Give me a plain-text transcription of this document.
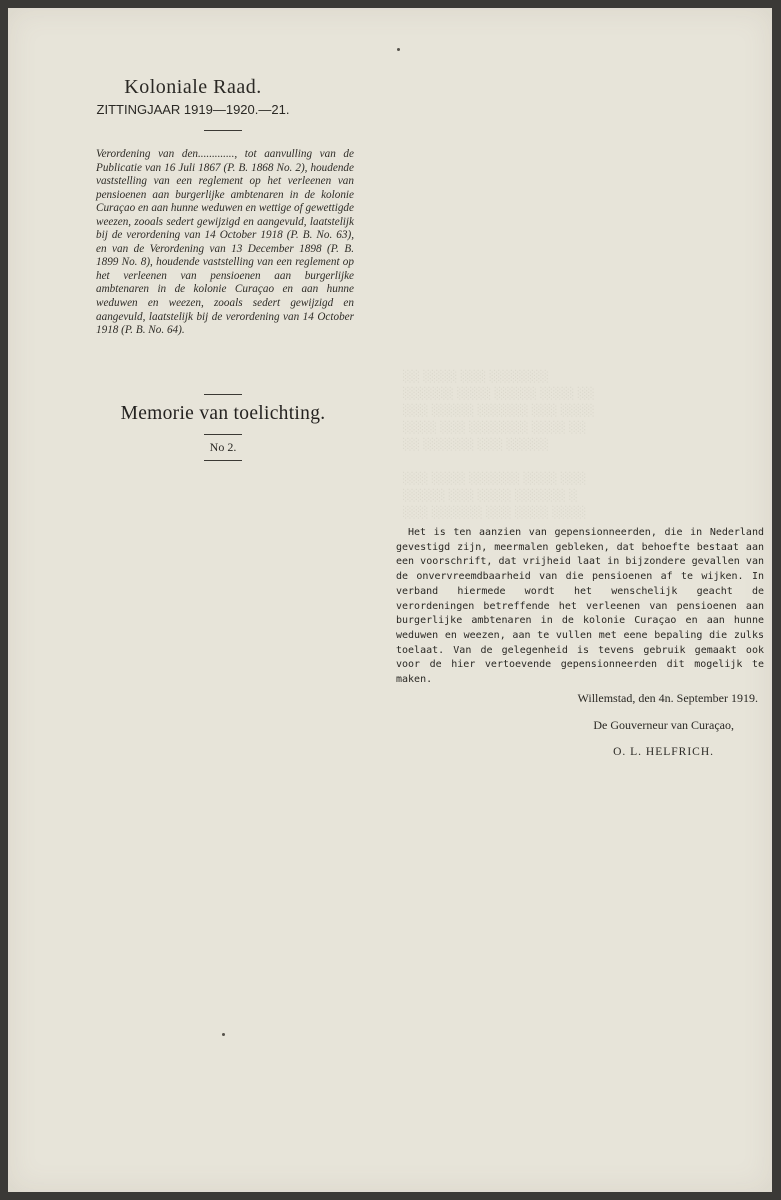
░░ ░░░░ ░░░ ░░░░░░░
░░░░░░ ░░░░ ░░░░░ ░░░░ ░░
░░░ ░░░░░ ░░░░░░ ░░░ ░░░░
░░░░ ░░░ ░░░░░░░ ░░░░ ░░
░░ ░░░░░░ ░░░ ░░░░░

░░░ ░░░░ ░░░░░░ ░░░░ ░░░
░░░░░ ░░░ ░░░░ ░░░░░░ ░
░░░ ░░░░░░ ░░░ ░░░░ ░░░░
Koloniale Raad.
ZITTINGJAAR 1919—1920.—21.
Verordening van den............., tot aanvulling van de Publicatie van 16 Juli 1867 (P. B. 1868 No. 2), houdende vaststelling van een reglement op het verleenen van pensioenen aan burgerlijke ambtenaren in de kolonie Curaçao en aan hunne weduwen en wettige of gewettigde weezen, zooals sedert gewijzigd en aangevuld, laatstelijk bij de verordening van 14 October 1918 (P. B. No. 63), en van de Verordening van 13 December 1898 (P. B. 1899 No. 8), houdende vaststelling van een reglement op het verleenen van pensioenen aan burgerlijke ambtenaren in de kolonie Curaçao en aan hunne weduwen en weezen, zooals sedert gewijzigd en aangevuld, laatstelijk bij de verordening van 14 October 1918 (P. B. No. 64).
Memorie van toelichting.
No 2.
Het is ten aanzien van gepensionneerden, die in Nederland gevestigd zijn, meermalen gebleken, dat behoefte bestaat aan een voorschrift, dat vrijheid laat in bijzondere gevallen van de onvervreemdbaarheid van die pensioenen af te wijken. In verband hiermede wordt het wenschelijk geacht de verordeningen betreffende het verleenen van pensioenen aan burgerlijke ambtenaren in de kolonie Curaçao en aan hunne weduwen en weezen, aan te vullen met eene bepaling die zulks toelaat. Van de gelegenheid is tevens gebruik gemaakt ook voor de hier vertoevende gepensionneerden dit mogelijk te maken.
Willemstad, den 4n. September 1919.
De Gouverneur van Curaçao,
O. L. HELFRICH.
